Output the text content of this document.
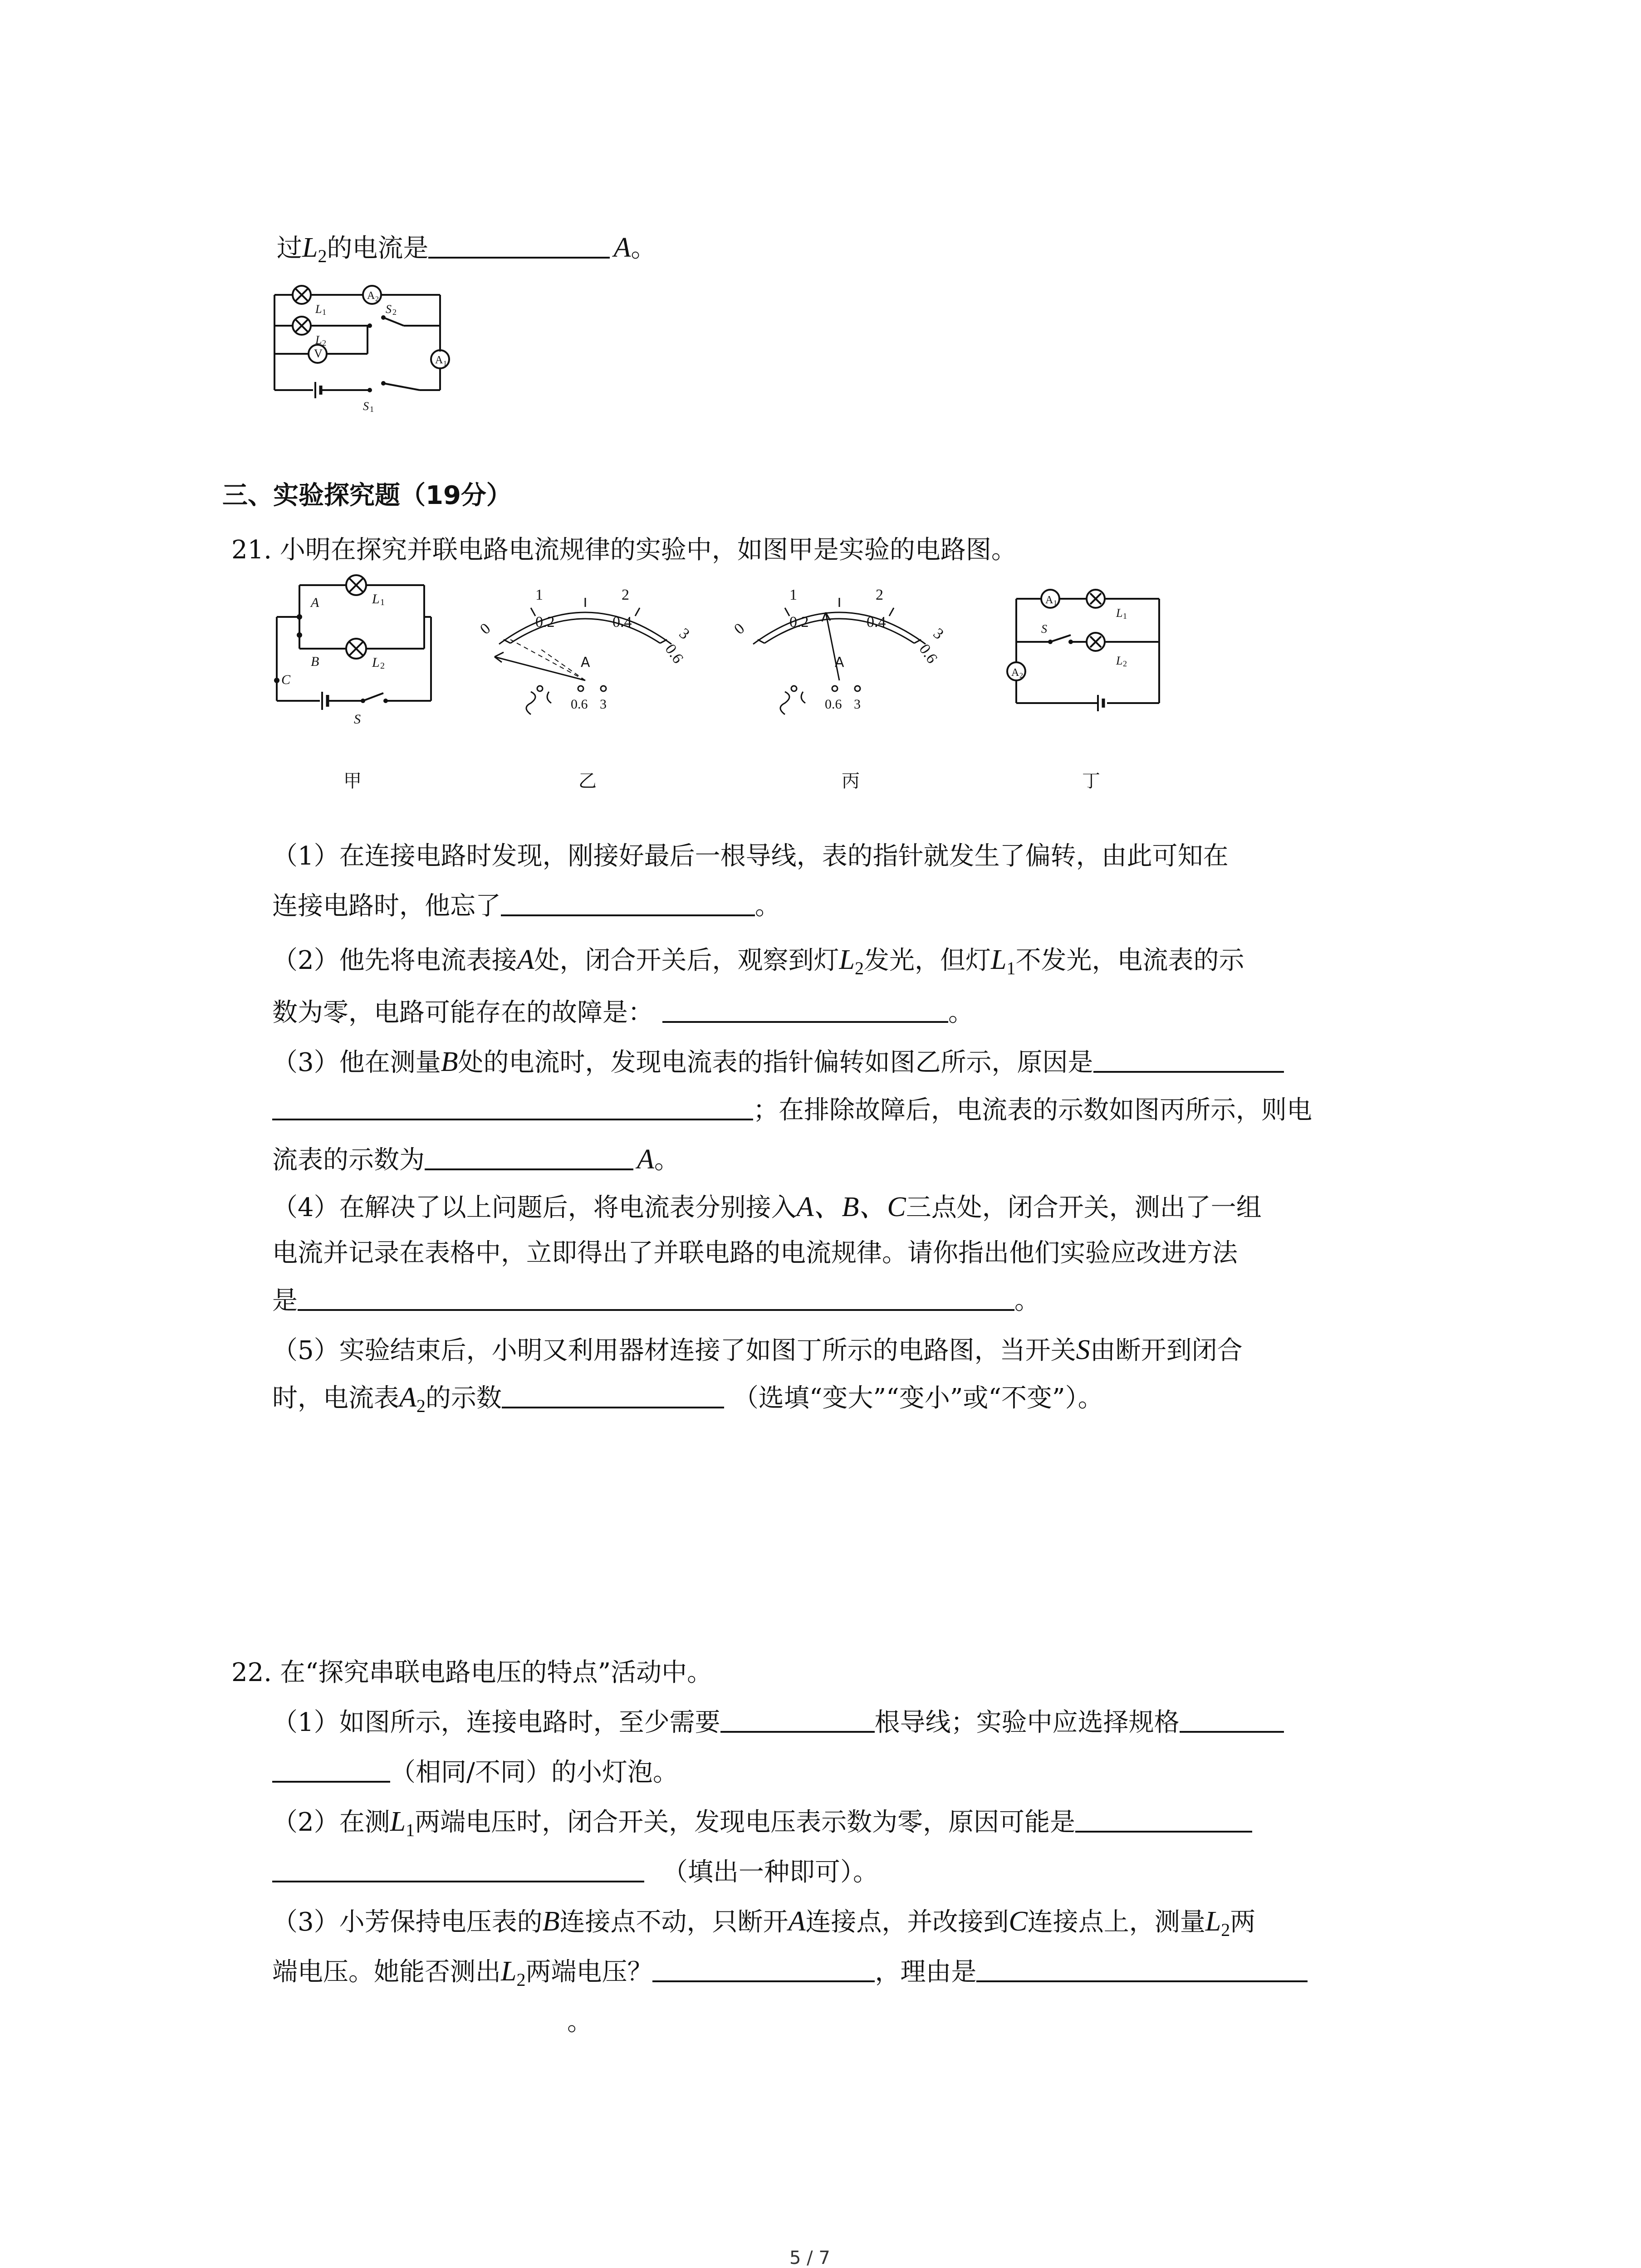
过$L_2$的电流是	A。
A 2
V	A 1
L 1
L 2
S 2
S 1
三、实验探究题（19分）
21. 小明在探究并联电路电流规律的实验中，如图甲是实验的电路图。
A
B
C
L 1
L 2
S
0
1	2
3
0.2	0.4
0.6
A
0.6 3
0
1	2
3
0.2	0.4
0.6
A
0.6 3
A 1
A 2
L 1
L 2
S
甲	乙	丙	丁
（1）在连接电路时发现，刚接好最后一根导线，表的指针就发生了偏转，由此可知在
连接电路时，他忘了	。
（2）他先将电流表接A处，闭合开关后，观察到灯$L_2$发光，但灯$L_1$不发光，电流表的示
数为零，电路可能存在的故障是：	。
（3）他在测量B处的电流时，发现电流表的指针偏转如图乙所示，原因是
；在排除故障后，电流表的示数如图丙所示，则电
流表的示数为	A。
（4）在解决了以上问题后，将电流表分别接入A、B、C三点处，闭合开关，测出了一组
电流并记录在表格中，立即得出了并联电路的电流规律。请你指出他们实验应改进方法
是	。
（5）实验结束后，小明又利用器材连接了如图丁所示的电路图，当开关S由断开到闭合
时，电流表$A_2$的示数	（选填“变大”“变小”或“不变”）。
22. 在“探究串联电路电压的特点”活动中。
（1）如图所示，连接电路时，至少需要	根导线；实验中应选择规格
（相同/不同）的小灯泡。
（2）在测$L_1$两端电压时，闭合开关，发现电压表示数为零，原因可能是
（填出一种即可）。
（3）小芳保持电压表的B连接点不动，只断开A连接点，并改接到C连接点上，测量$L_2$两
端电压。她能否测出$L_2$两端电压？	，理由是
。
5 / 7
